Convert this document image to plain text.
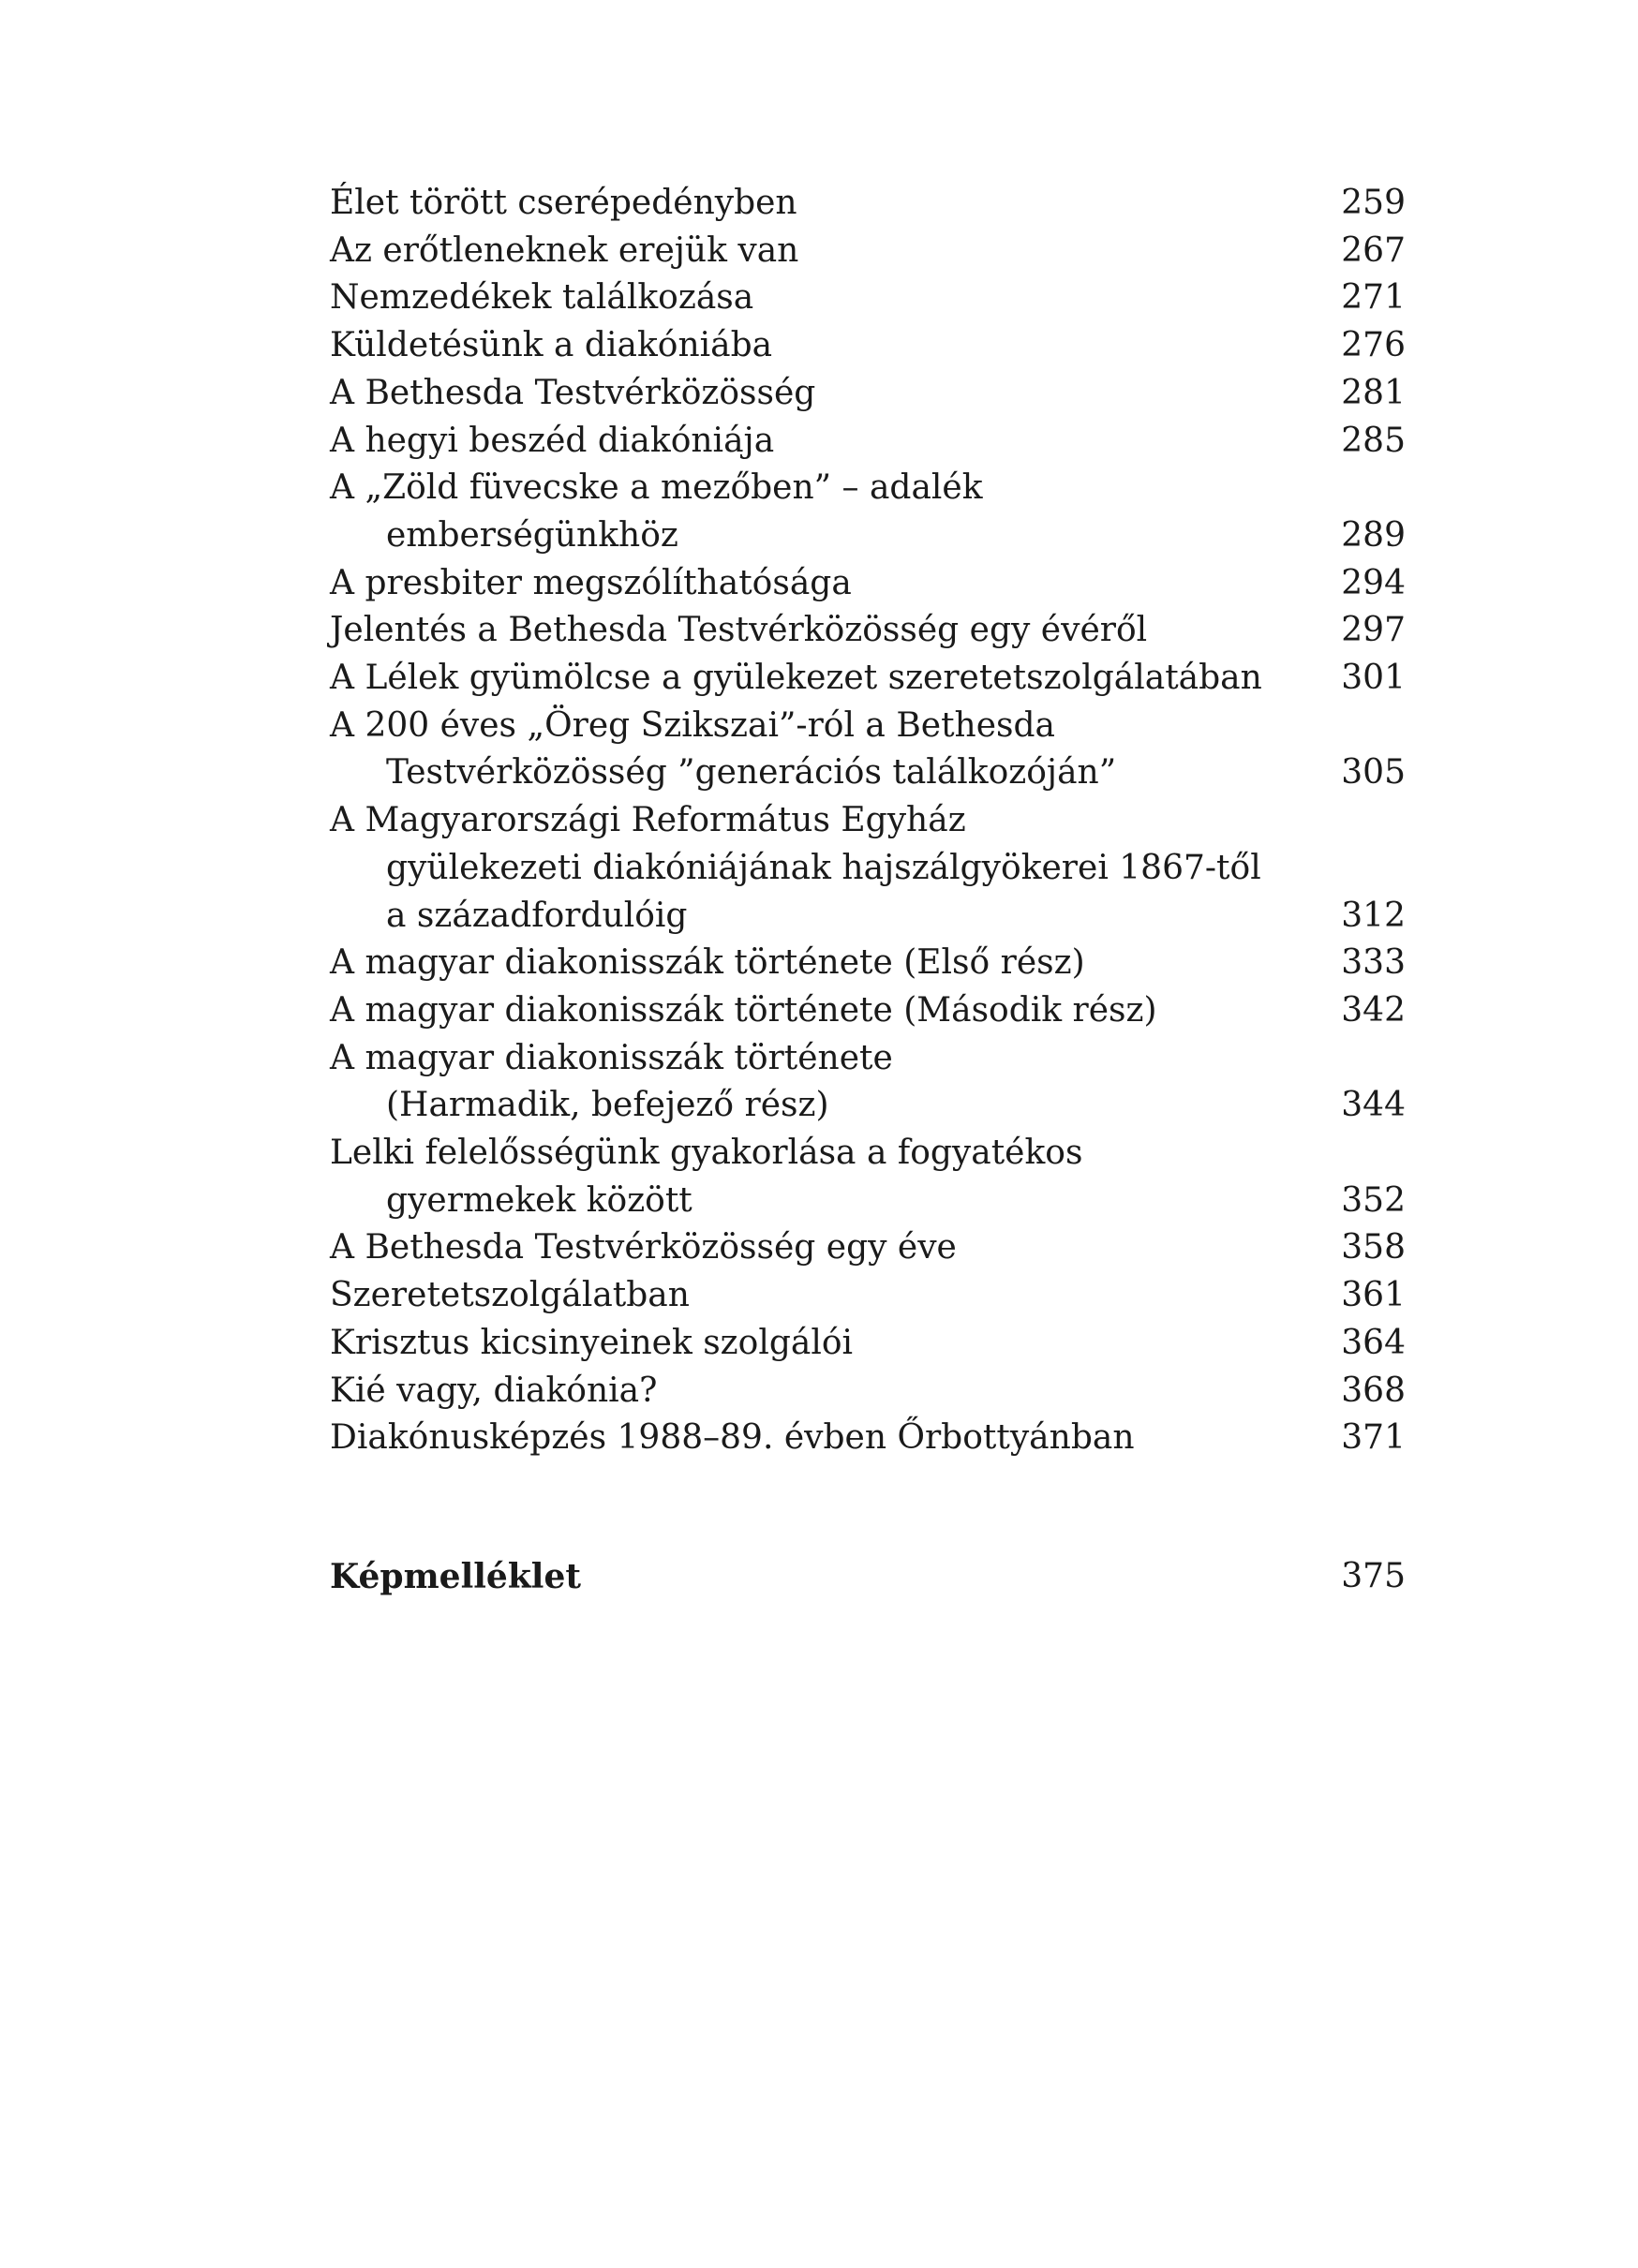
Élet törött cserépedényben	259
Az erőtleneknek erejük van	267
Nemzedékek találkozása	271
Küldetésünk a diakóniába	276
A Bethesda Testvérközösség	281
A hegyi beszéd diakóniája	285
A „Zöld füvecske a mezőben” – adalék
emberségünkhöz	289
A presbiter megszólíthatósága	294
Jelentés a Bethesda Testvérközösség egy évéről	297
A Lélek gyümölcse a gyülekezet szeretetszolgálatában	301
A 200 éves „Öreg Szikszai”-ról a Bethesda
Testvérközösség ”generációs találkozóján”	305
A Magyarországi Református Egyház
gyülekezeti diakóniájának hajszálgyökerei 1867-től
a századfordulóig	312
A magyar diakonisszák története (Első rész)	333
A magyar diakonisszák története (Második rész)	342
A magyar diakonisszák története
(Harmadik, befejező rész)	344
Lelki felelősségünk gyakorlása a fogyatékos
gyermekek között	352
A Bethesda Testvérközösség egy éve	358
Szeretetszolgálatban	361
Krisztus kicsinyeinek szolgálói	364
Kié vagy, diakónia?	368
Diakónusképzés 1988–89. évben Őrbottyánban	371
Képmelléklet	375
